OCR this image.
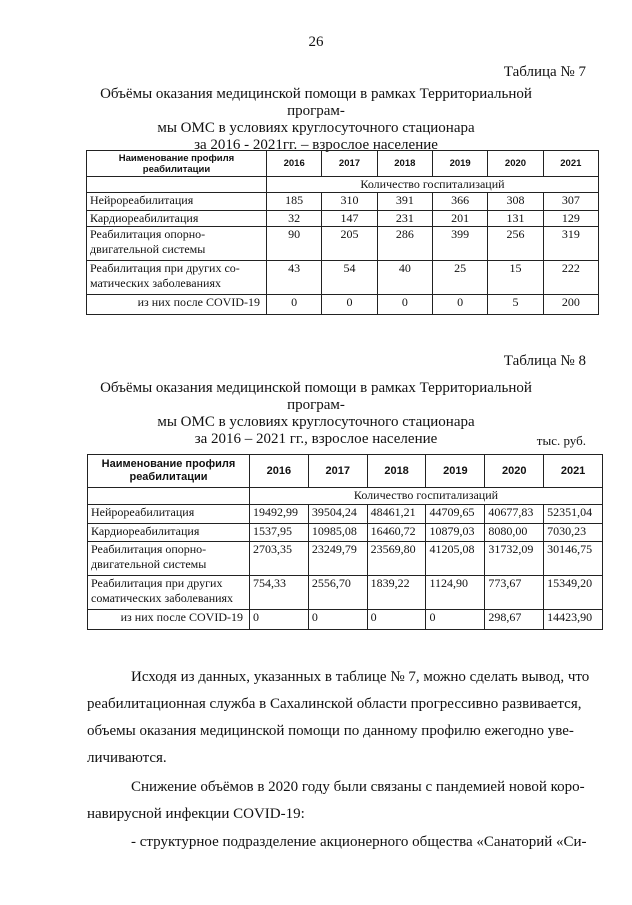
26
Таблица № 7
Объёмы оказания медицинской помощи в рамках Территориальной програм-
мы ОМС в условиях круглосуточного стационара
за 2016 - 2021гг. – взрослое население
Наименование профиля реабилитации	2016	2017	2018	2019	2020	2021
	Количество госпитализаций					
Нейрореабилитация	185	310	391	366	308	307
Кардиореабилитация	32	147	231	201	131	129
Реабилитация опорно-двигательной системы	90	205	286	399	256	319
Реабилитация при других со-матических заболеваниях	43	54	40	25	15	222
из них после COVID-19	0	0	0	0	5	200
Таблица № 8
Объёмы оказания медицинской помощи в рамках Территориальной програм-
мы ОМС в условиях круглосуточного стационара
за 2016 – 2021 гг., взрослое население	тыс. руб.
Наименование профиля реабилитации	2016	2017	2018	2019	2020	2021
	Количество госпитализаций					
Нейрореабилитация	19492,99	39504,24	48461,21	44709,65	40677,83	52351,04
Кардиореабилитация	1537,95	10985,08	16460,72	10879,03	8080,00	7030,23
Реабилитация опорно-двигательной системы	2703,35	23249,79	23569,80	41205,08	31732,09	30146,75
Реабилитация при других соматических заболеваниях	754,33	2556,70	1839,22	1124,90	773,67	15349,20
из них после COVID-19	0	0	0	0	298,67	14423,90
Исходя из данных, указанных в таблице № 7, можно сделать вывод, что
реабилитационная служба в Сахалинской области прогрессивно развивается,
объемы оказания медицинской помощи по данному профилю ежегодно уве-
личиваются.
Снижение объёмов в 2020 году были связаны с пандемией новой коро-
навирусной инфекции COVID-19:
- структурное подразделение акционерного общества «Санаторий «Си-
